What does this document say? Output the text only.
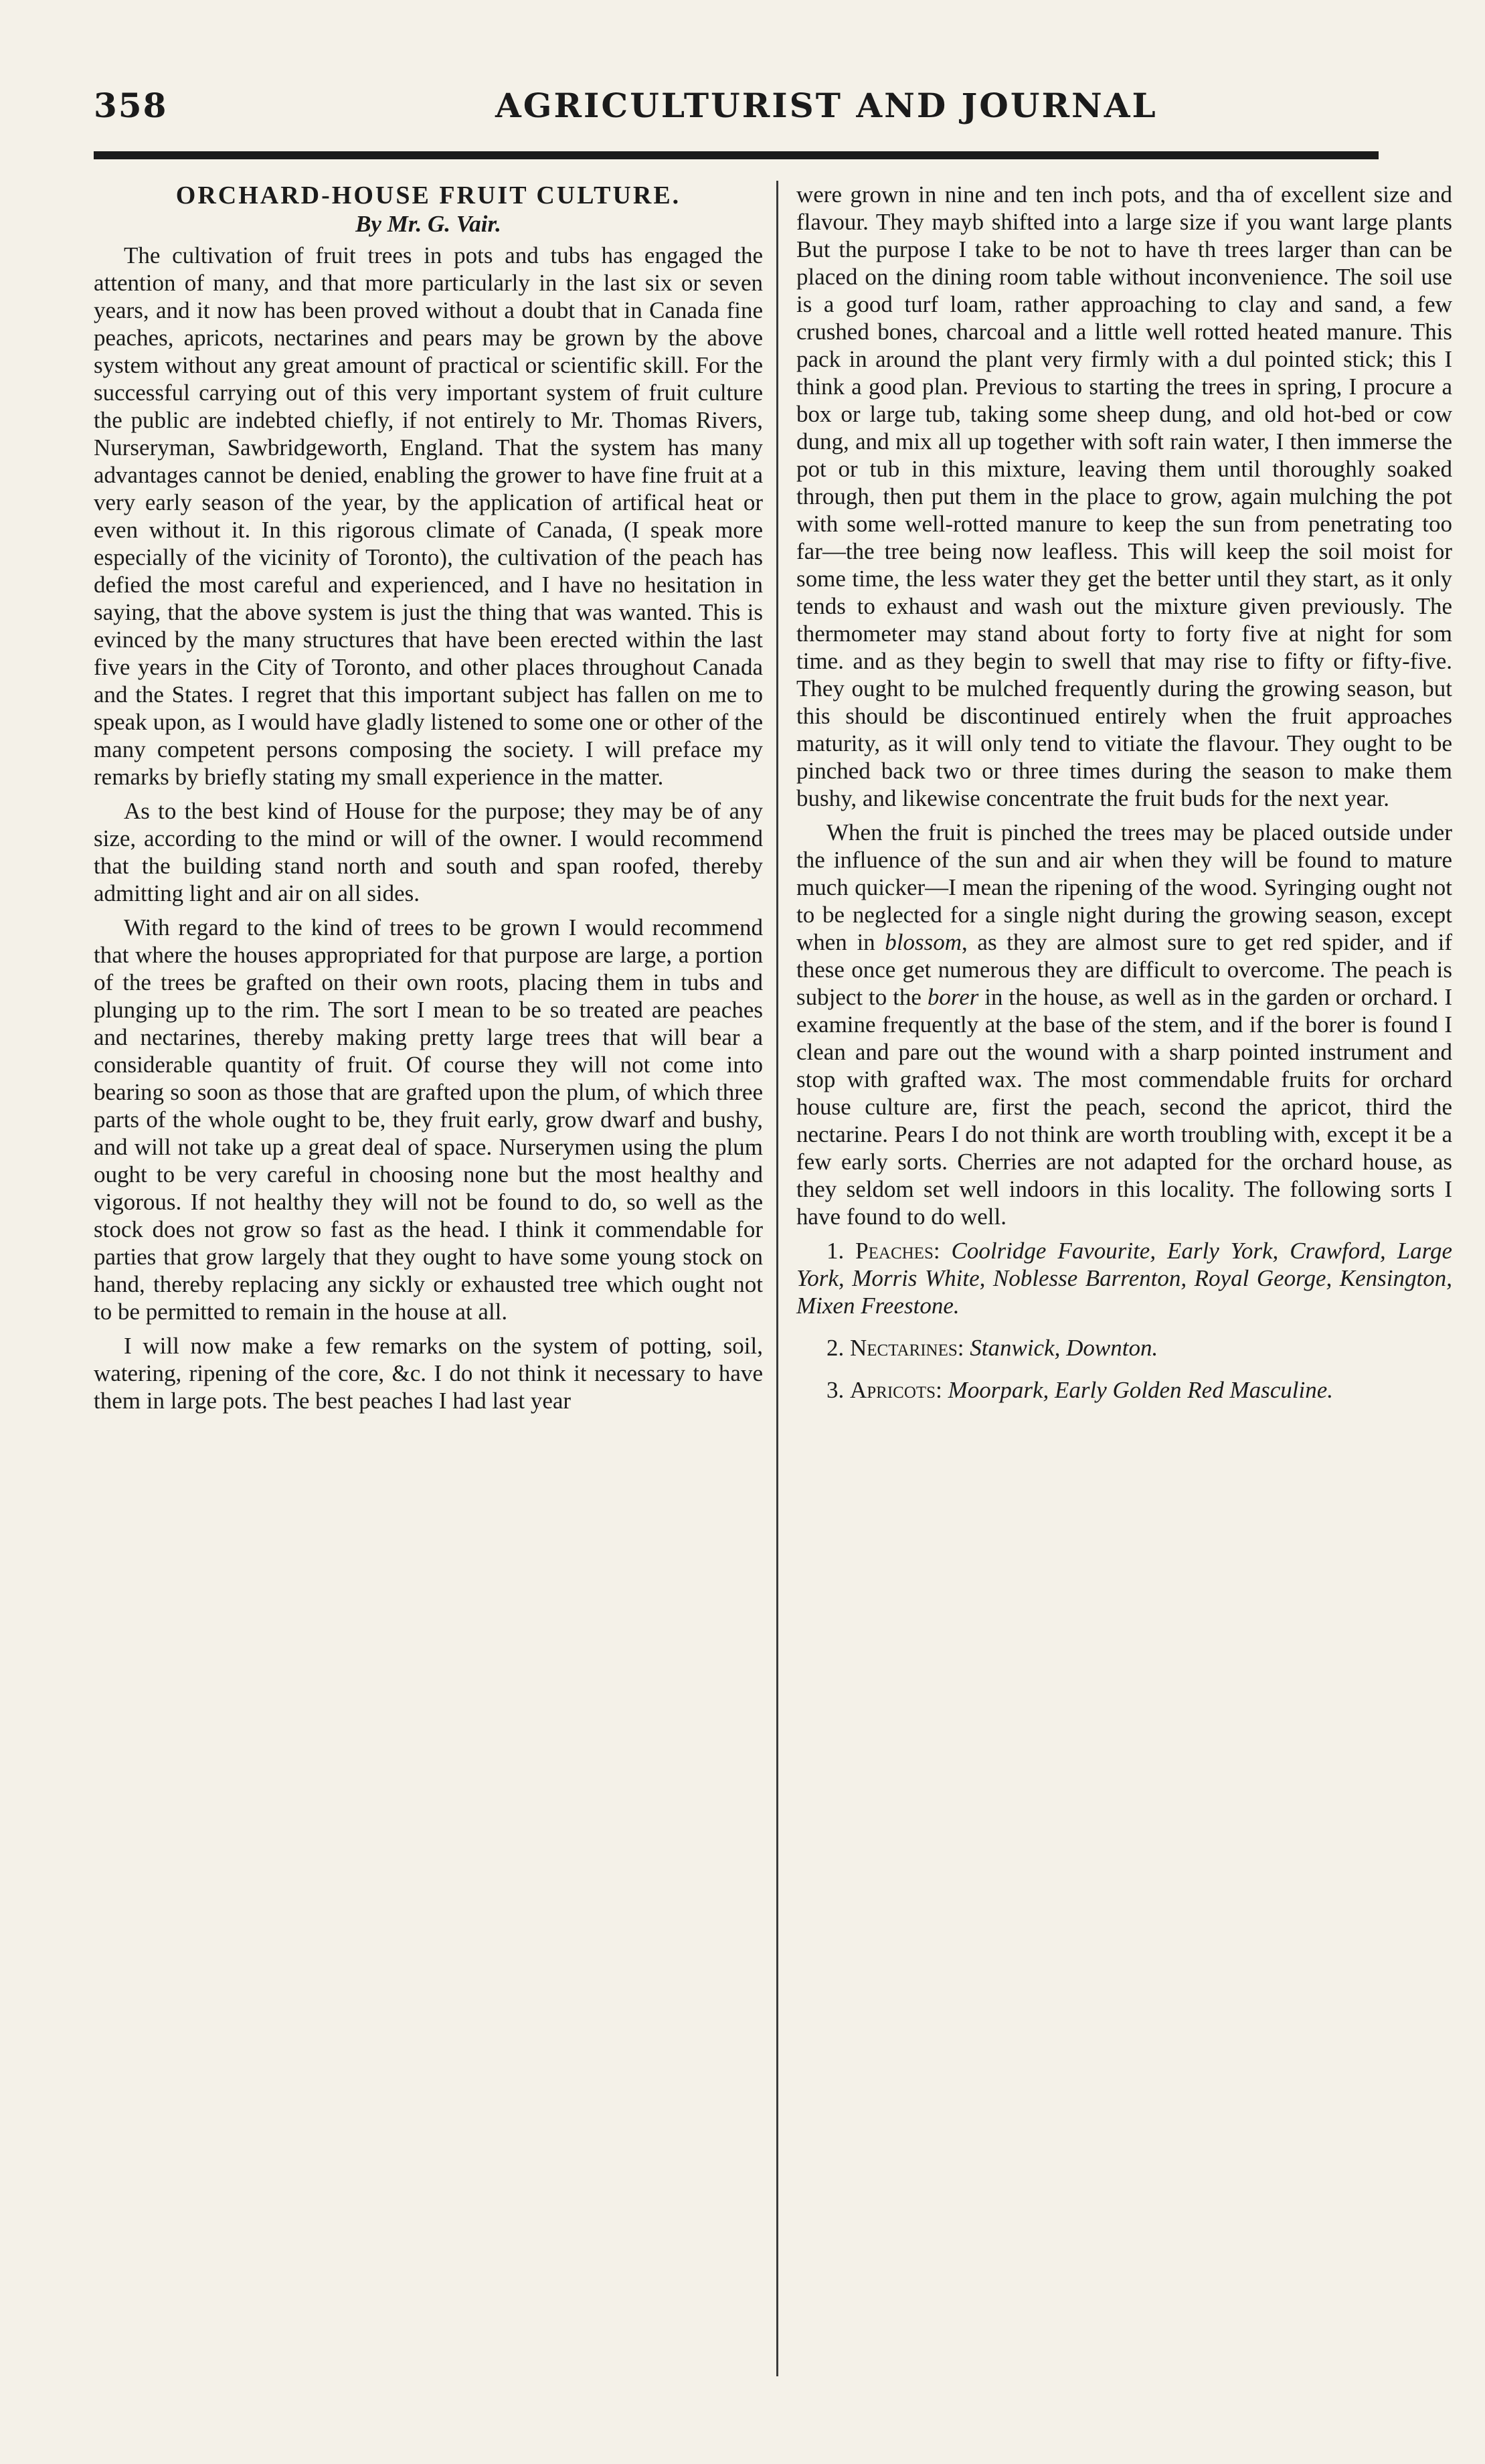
358	AGRICULTURIST AND JOURNAL
ORCHARD-HOUSE FRUIT CULTURE.
By Mr. G. Vair.

The cultivation of fruit trees in pots and tubs has engaged the attention of many, and that more particularly in the last six or seven years, and it now has been proved without a doubt that in Canada fine peaches, apricots, nectarines and pears may be grown by the above system without any great amount of practical or scientific skill. For the successful carrying out of this very important system of fruit culture the public are indebted chiefly, if not entirely to Mr. Thomas Rivers, Nurseryman, Sawbridgeworth, England. That the system has many advantages cannot be denied, enabling the grower to have fine fruit at a very early season of the year, by the application of artifical heat or even without it. In this rigorous climate of Canada, (I speak more especially of the vicinity of Toronto), the cultivation of the peach has defied the most careful and experienced, and I have no hesitation in saying, that the above system is just the thing that was wanted. This is evinced by the many structures that have been erected within the last five years in the City of Toronto, and other places throughout Canada and the States. I regret that this important subject has fallen on me to speak upon, as I would have gladly listened to some one or other of the many competent persons composing the society. I will preface my remarks by briefly stating my small experience in the matter.

As to the best kind of House for the purpose; they may be of any size, according to the mind or will of the owner. I would recommend that the building stand north and south and span roofed, thereby admitting light and air on all sides.

With regard to the kind of trees to be grown I would recommend that where the houses appropriated for that purpose are large, a portion of the trees be grafted on their own roots, placing them in tubs and plunging up to the rim. The sort I mean to be so treated are peaches and nectarines, thereby making pretty large trees that will bear a considerable quantity of fruit. Of course they will not come into bearing so soon as those that are grafted upon the plum, of which three parts of the whole ought to be, they fruit early, grow dwarf and bushy, and will not take up a great deal of space. Nurserymen using the plum ought to be very careful in choosing none but the most healthy and vigorous. If not healthy they will not be found to do, so well as the stock does not grow so fast as the head. I think it commendable for parties that grow largely that they ought to have some young stock on hand, thereby replacing any sickly or exhausted tree which ought not to be permitted to remain in the house at all.

I will now make a few remarks on the system of potting, soil, watering, ripening of the core, &c. I do not think it necessary to have them in large pots. The best peaches I had last year

were grown in nine and ten inch pots, and tha of excellent size and flavour. They mayb shifted into a large size if you want large plants But the purpose I take to be not to have th trees larger than can be placed on the dining room table without inconvenience. The soil use is a good turf loam, rather approaching to clay and sand, a few crushed bones, charcoal and a little well rotted heated manure. This pack in around the plant very firmly with a dul pointed stick; this I think a good plan. Previous to starting the trees in spring, I procure a box or large tub, taking some sheep dung, and old hot-bed or cow dung, and mix all up together with soft rain water, I then immerse the pot or tub in this mixture, leaving them until thoroughly soaked through, then put them in the place to grow, again mulching the pot with some well-rotted manure to keep the sun from penetrating too far—the tree being now leafless. This will keep the soil moist for some time, the less water they get the better until they start, as it only tends to exhaust and wash out the mixture given previously. The thermometer may stand about forty to forty five at night for som time. and as they begin to swell that may rise to fifty or fifty-five. They ought to be mulched frequently during the growing season, but this should be discontinued entirely when the fruit approaches maturity, as it will only tend to vitiate the flavour. They ought to be pinched back two or three times during the season to make them bushy, and likewise concentrate the fruit buds for the next year.

When the fruit is pinched the trees may be placed outside under the influence of the sun and air when they will be found to mature much quicker—I mean the ripening of the wood. Syringing ought not to be neglected for a single night during the growing season, except when in blossom, as they are almost sure to get red spider, and if these once get numerous they are difficult to overcome. The peach is subject to the borer in the house, as well as in the garden or orchard. I examine frequently at the base of the stem, and if the borer is found I clean and pare out the wound with a sharp pointed instrument and stop with grafted wax. The most commendable fruits for orchard house culture are, first the peach, second the apricot, third the nectarine. Pears I do not think are worth troubling with, except it be a few early sorts. Cherries are not adapted for the orchard house, as they seldom set well indoors in this locality. The following sorts I have found to do well.

1. Peaches: Coolridge Favourite, Early York, Crawford, Large York, Morris White, Noblesse Barrenton, Royal George, Kensington, Mixen Freestone.
2. Nectarines: Stanwick, Downton.
3. Apricots: Moorpark, Early Golden Red Masculine.
